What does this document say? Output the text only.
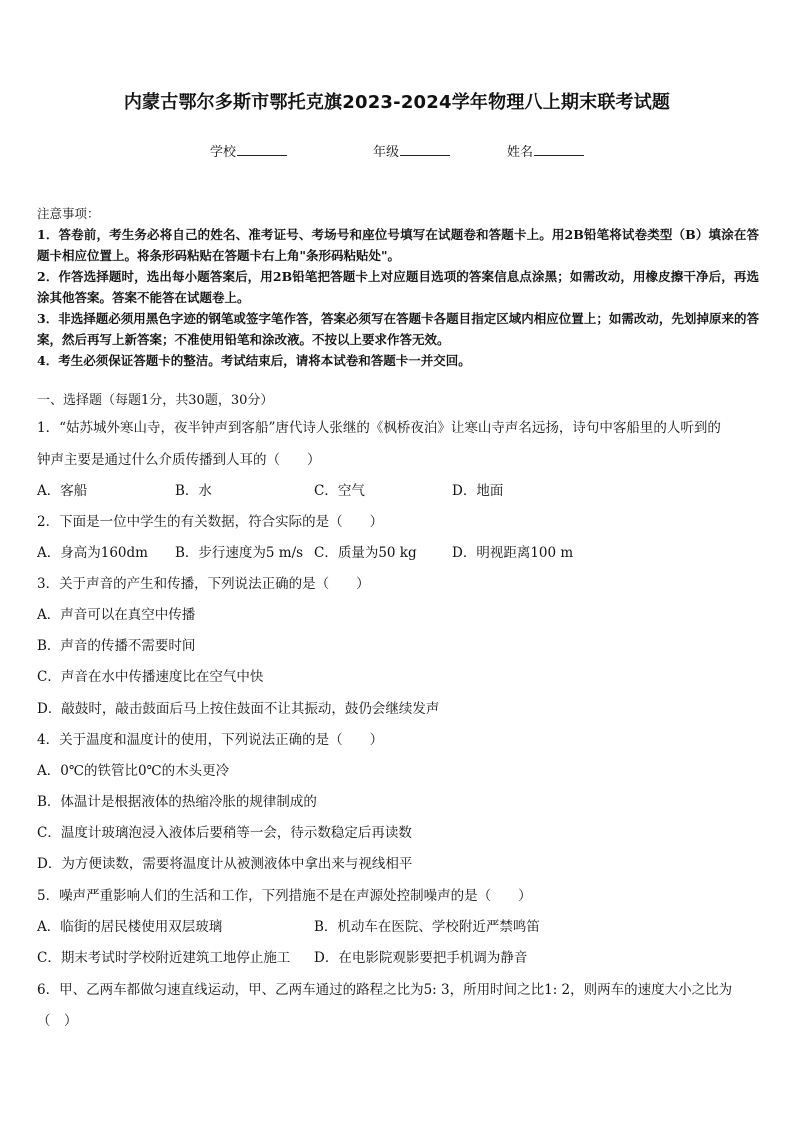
内蒙古鄂尔多斯市鄂托克旗2023-2024学年物理八上期末联考试题
学校	年级	姓名
注意事项：

1．答卷前，考生务必将自己的姓名、准考证号、考场号和座位号填写在试题卷和答题卡上。用2B铅笔将试卷类型（B）填涂在答题卡相应位置上。将条形码粘贴在答题卡右上角"条形码粘贴处"。

2．作答选择题时，选出每小题答案后，用2B铅笔把答题卡上对应题目选项的答案信息点涂黑；如需改动，用橡皮擦干净后，再选涂其他答案。答案不能答在试题卷上。

3．非选择题必须用黑色字迹的钢笔或签字笔作答，答案必须写在答题卡各题目指定区域内相应位置上；如需改动，先划掉原来的答案，然后再写上新答案；不准使用铅笔和涂改液。不按以上要求作答无效。

4．考生必须保证答题卡的整洁。考试结束后，请将本试卷和答题卡一并交回。

一、选择题（每题1分，共30题，30分）
1．“姑苏城外寒山寺，夜半钟声到客船”唐代诗人张继的《枫桥夜泊》让寒山寺声名远扬，诗句中客船里的人听到的
钟声主要是通过什么介质传播到人耳的（　　）
A．客船	B．水	C．空气	D．地面
2．下面是一位中学生的有关数据，符合实际的是（　　）
A．身高为160dm B．步行速度为5 m/s C．质量为50 kg	D．明视距离100 m
3．关于声音的产生和传播，下列说法正确的是（　　）
A．声音可以在真空中传播
B．声音的传播不需要时间
C．声音在水中传播速度比在空气中快
D．敲鼓时，敲击鼓面后马上按住鼓面不让其振动，鼓仍会继续发声
4．关于温度和温度计的使用，下列说法正确的是（　　）
A．0℃的铁管比0℃的木头更冷
B．体温计是根据液体的热缩冷胀的规律制成的
C．温度计玻璃泡浸入液体后要稍等一会，待示数稳定后再读数
D．为方便读数，需要将温度计从被测液体中拿出来与视线相平
5．噪声严重影响人们的生活和工作，下列措施不是在声源处控制噪声的是（　　）
A．临街的居民楼使用双层玻璃	B．机动车在医院、学校附近严禁鸣笛
C．期末考试时学校附近建筑工地停止施工 D．在电影院观影要把手机调为静音
6．甲、乙两车都做匀速直线运动，甲、乙两车通过的路程之比为5: 3，所用时间之比1: 2，则两车的速度大小之比为
（　）
